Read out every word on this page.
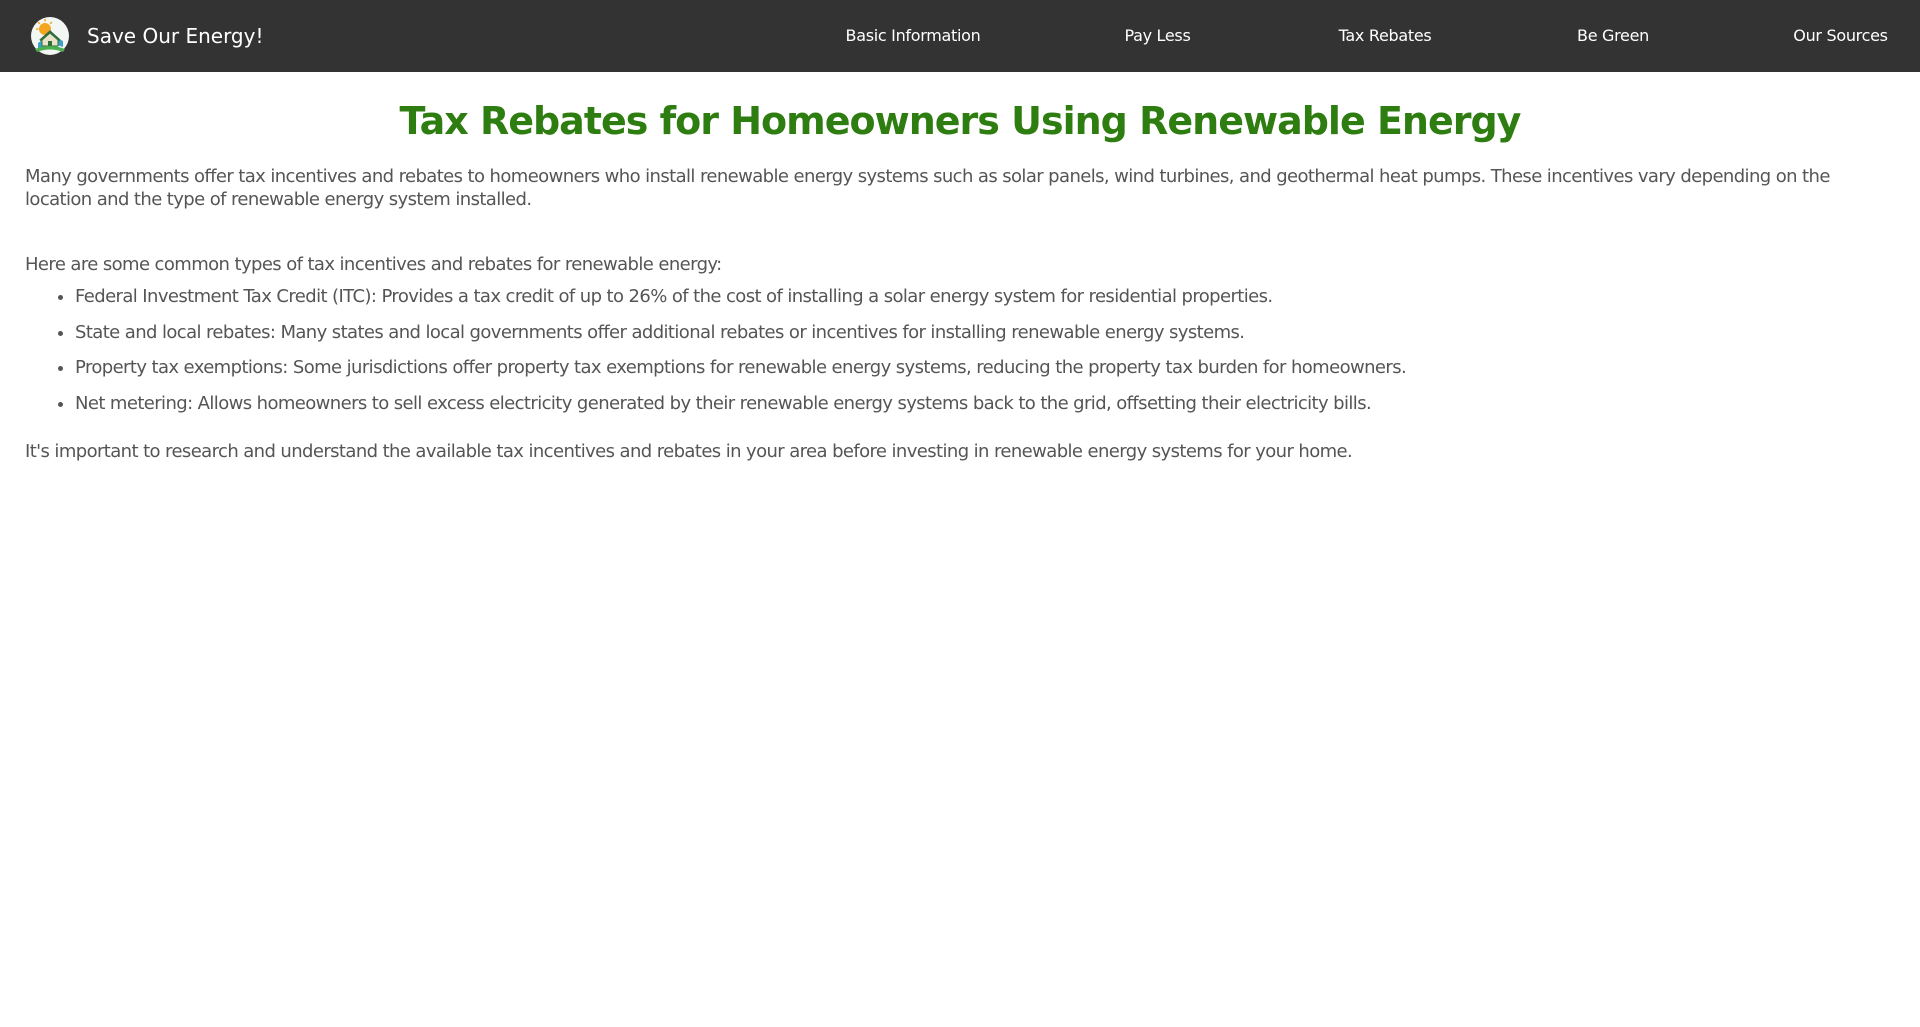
Save Our Energy!	Basic Information	Pay Less	Tax Rebates	Be Green	Our Sources
Tax Rebates for Homeowners Using Renewable Energy

Many governments offer tax incentives and rebates to homeowners who install renewable energy systems such as solar panels, wind turbines, and geothermal heat pumps. These incentives vary depending on the location and the type of renewable energy system installed.

Here are some common types of tax incentives and rebates for renewable energy:

• Federal Investment Tax Credit (ITC): Provides a tax credit of up to 26% of the cost of installing a solar energy system for residential properties.
• State and local rebates: Many states and local governments offer additional rebates or incentives for installing renewable energy systems.
• Property tax exemptions: Some jurisdictions offer property tax exemptions for renewable energy systems, reducing the property tax burden for homeowners.
• Net metering: Allows homeowners to sell excess electricity generated by their renewable energy systems back to the grid, offsetting their electricity bills.

It's important to research and understand the available tax incentives and rebates in your area before investing in renewable energy systems for your home.
